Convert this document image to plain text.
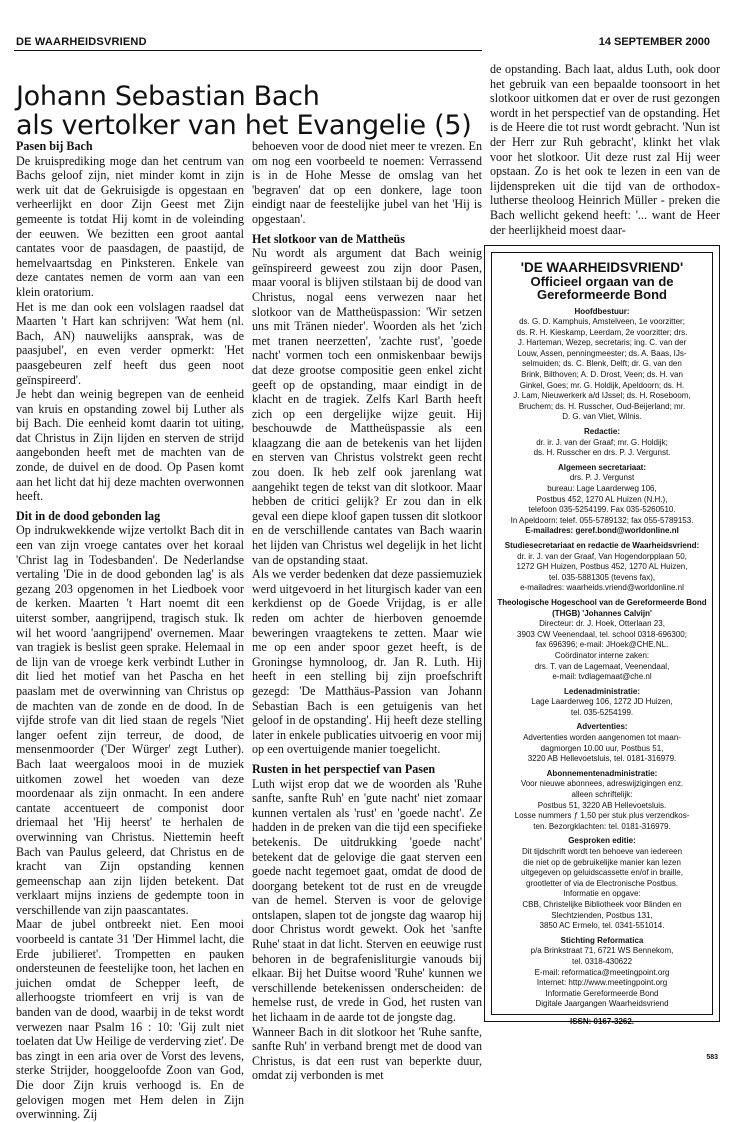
DE WAARHEIDSVRIEND	14 SEPTEMBER 2000
Johann Sebastian Bach
als vertolker van het Evangelie (5)
Pasen bij Bach

De kruisprediking moge dan het centrum van Bachs geloof zijn, niet minder komt in zijn werk uit dat de Gekruisigde is opgestaan en verheerlijkt en door Zijn Geest met Zijn gemeente is totdat Hij komt in de voleinding der eeuwen. We bezitten een groot aantal cantates voor de paasdagen, de paastijd, de hemelvaartsdag en Pinksteren. Enkele van deze cantates nemen de vorm aan van een klein oratorium.

Het is me dan ook een volslagen raadsel dat Maarten 't Hart kan schrijven: 'Wat hem (nl. Bach, AN) nauwelijks aansprak, was de paasjubel', en even verder opmerkt: 'Het paasgebeuren zelf heeft dus geen noot geïnspireerd'.

Je hebt dan weinig begrepen van de eenheid van kruis en opstanding zowel bij Luther als bij Bach. Die eenheid komt daarin tot uiting, dat Christus in Zijn lijden en sterven de strijd aangebonden heeft met de machten van de zonde, de duivel en de dood. Op Pasen komt aan het licht dat hij deze machten overwonnen heeft.

Dit in de dood gebonden lag

Op indrukwekkende wijze vertolkt Bach dit in een van zijn vroege cantates over het koraal 'Christ lag in Todesbanden'. De Nederlandse vertaling 'Die in de dood gebonden lag' is als gezang 203 opgenomen in het Liedboek voor de kerken. Maarten 't Hart noemt dit een uiterst somber, aangrijpend, tragisch stuk. Ik wil het woord 'aangrijpend' overnemen. Maar van tragiek is beslist geen sprake. Helemaal in de lijn van de vroege kerk verbindt Luther in dit lied het motief van het Pascha en het paaslam met de overwinning van Christus op de machten van de zonde en de dood. In de vijfde strofe van dit lied staan de regels 'Niet langer oefent zijn terreur, de dood, de mensenmoorder ('Der Würger' zegt Luther). Bach laat weergaloos mooi in de muziek uitkomen zowel het woeden van deze moordenaar als zijn onmacht. In een andere cantate accentueert de componist door driemaal het 'Hij heerst' te herhalen de overwinning van Christus. Niettemin heeft Bach van Paulus geleerd, dat Christus en de kracht van Zijn opstanding kennen gemeenschap aan zijn lijden betekent. Dat verklaart mijns inziens de gedempte toon in verschillende van zijn paascantates.

Maar de jubel ontbreekt niet. Een mooi voorbeeld is cantate 31 'Der Himmel lacht, die Erde jubilieret'. Trompetten en pauken ondersteunen de feestelijke toon, het lachen en juichen omdat de Schepper leeft, de allerhoogste triomfeert en vrij is van de banden van de dood, waarbij in de tekst wordt verwezen naar Psalm 16 : 10: 'Gij zult niet toelaten dat Uw Heilige de verderving ziet'. De bas zingt in een aria over de Vorst des levens, sterke Strijder, hooggeloofde Zoon van God, Die door Zijn kruis verhoogd is. En de gelovigen mogen met Hem delen in Zijn overwinning. Zij

behoeven voor de dood niet meer te vrezen. En om nog een voorbeeld te noemen: Verrassend is in de Hohe Messe de omslag van het 'begraven' dat op een donkere, lage toon eindigt naar de feestelijke jubel van het 'Hij is opgestaan'.

Het slotkoor van de Mattheüs

Nu wordt als argument dat Bach weinig geïnspireerd geweest zou zijn door Pasen, maar vooral is blijven stilstaan bij de dood van Christus, nogal eens verwezen naar het slotkoor van de Mattheüspassion: 'Wir setzen uns mit Tränen nieder'. Woorden als het 'zich met tranen neerzetten', 'zachte rust', 'goede nacht' vormen toch een onmiskenbaar bewijs dat deze grootse compositie geen enkel zicht geeft op de opstanding, maar eindigt in de klacht en de tragiek. Zelfs Karl Barth heeft zich op een dergelijke wijze geuit. Hij beschouwde de Mattheüspassie als een klaagzang die aan de betekenis van het lijden en sterven van Christus volstrekt geen recht zou doen. Ik heb zelf ook jarenlang wat aangehikt tegen de tekst van dit slotkoor. Maar hebben de critici gelijk? Er zou dan in elk geval een diepe kloof gapen tussen dit slotkoor en de verschillende cantates van Bach waarin het lijden van Christus wel degelijk in het licht van de opstanding staat.

Als we verder bedenken dat deze passiemuziek werd uitgevoerd in het liturgisch kader van een kerkdienst op de Goede Vrijdag, is er alle reden om achter de hierboven genoemde beweringen vraagtekens te zetten. Maar wie me op een ander spoor gezet heeft, is de Groningse hymnoloog, dr. Jan R. Luth. Hij heeft in een stelling bij zijn proefschrift gezegd: 'De Matthäus-Passion van Johann Sebastian Bach is een getuigenis van het geloof in de opstanding'. Hij heeft deze stelling later in enkele publicaties uitvoerig en voor mij op een overtuigende manier toegelicht.

Rusten in het perspectief van Pasen

Luth wijst erop dat we de woorden als 'Ruhe sanfte, sanfte Ruh' en 'gute nacht' niet zomaar kunnen vertalen als 'rust' en 'goede nacht'. Ze hadden in de preken van die tijd een specifieke betekenis. De uitdrukking 'goede nacht' betekent dat de gelovige die gaat sterven een goede nacht tegemoet gaat, omdat de dood de doorgang betekent tot de rust en de vreugde van de hemel. Sterven is voor de gelovige ontslapen, slapen tot de jongste dag waarop hij door Christus wordt gewekt. Ook het 'sanfte Ruhe' staat in dat licht. Sterven en eeuwige rust behoren in de begrafenisliturgie vanouds bij elkaar. Bij het Duitse woord 'Ruhe' kunnen we verschillende betekenissen onderscheiden: de hemelse rust, de vrede in God, het rusten van het lichaam in de aarde tot de jongste dag.

Wanneer Bach in dit slotkoor het 'Ruhe sanfte, sanfte Ruh' in verband brengt met de dood van Christus, is dat een rust van beperkte duur, omdat zij verbonden is met

de opstanding. Bach laat, aldus Luth, ook door het gebruik van een bepaalde toonsoort in het slotkoor uitkomen dat er over de rust gezongen wordt in het perspectief van de opstanding. Het is de Heere die tot rust wordt gebracht. 'Nun ist der Herr zur Ruh gebracht', klinkt het vlak voor het slotkoor. Uit deze rust zal Hij weer opstaan. Zo is het ook te lezen in een van de lijdenspreken uit die tijd van de orthodox-lutherse theoloog Heinrich Müller - preken die Bach wellicht gekend heeft: '... want de Heer der heerlijkheid moest daar-

'DE WAARHEIDSVRIEND'
Officieel orgaan van de
Gereformeerde Bond
Hoofdbestuur:
ds. G. D. Kamphuis, Amstelveen, 1e voorzitter;
ds. R. H. Kieskamp, Leerdam, 2e voorzitter; drs.
J. Harteman, Wezep, secretaris; ing. C. van der
Louw, Assen, penningmeester; ds. A. Baas, IJs-
selmuiden; ds. C. Blenk, Delft; dr. G. van den
Brink, Bilthoven; A. D. Drost, Veen; ds. H. van
Ginkel, Goes; mr. G. Holdijk, Apeldoorn; ds. H.
J. Lam, Nieuwerkerk a/d IJssel; ds. H. Roseboom,
Bruchem; ds. H. Russcher, Oud-Beijerland; mr.
D. G. van Vliet, Wilnis.
Redactie:
dr. ir. J. van der Graaf; mr. G. Holdijk;
ds. H. Russcher en drs. P. J. Vergunst.
Algemeen secretariaat:
drs. P. J. Vergunst
bureau: Lage Laarderweg 106,
Postbus 452, 1270 AL Huizen (N.H.),
telefoon 035-5254199. Fax 035-5260510.
In Apeldoorn: telef. 055-5789132; fax 055-5789153.
E-mailadres: geref.bond@worldonline.nl
Studiesecretariaat en redactie de Waarheidsvriend:
dr. ir. J. van der Graaf, Van Hogendorpplaan 50,
1272 GH Huizen, Postbus 452, 1270 AL Huizen,
tel. 035-5881305 (tevens fax),
e-mailadres: waarheids.vriend@worldonline.nl
Theologische Hogeschool van de Gereformeerde Bond (THGB) 'Johannes Calvijn'
Directeur: dr. J. Hoek, Otterlaan 23,
3903 CW Veenendaal, tel. school 0318-696300;
fax 696396; e-mail: JHoek@CHE.NL.
Coördinator interne zaken:
drs. T. van de Lagemaat, Veenendaal,
e-mail: tvdlagemaat@che.nl
Ledenadministratie:
Lage Laarderweg 106, 1272 JD Huizen,
tel. 035-5254199.
Advertenties:
Advertenties worden aangenomen tot maan-
dagmorgen 10.00 uur, Postbus 51,
3220 AB Hellevoetsluis, tel. 0181-316979.
Abonnementenadministratie:
Voor nieuwe abonnees, adreswijzigingen enz.
alleen schriftelijk:
Postbus 51, 3220 AB Hellevoetsluis.
Losse nummers ƒ 1,50 per stuk plus verzendkos-
ten. Bezorgklachten: tel. 0181-316979.
Gesproken editie:
Dit tijdschrift wordt ten behoeve van iedereen
die niet op de gebruikelijke manier kan lezen
uitgegeven op geluidscassette en/of in braille,
grootletter of via de Electronische Postbus.
Informatie en opgave:
CBB, Christelijke Bibliotheek voor Blinden en
Slechtzienden, Postbus 131,
3850 AC Ermelo, tel. 0341-551014.
Stichting Reformatica
p/a Brinkstraat 71, 6721 WS Bennekom,
tel. 0318-430622
E-mail: reformatica@meetingpoint.org
Internet: http://www.meetingpoint.org
Informatie Gereformeerde Bond
Digitale Jaargangen Waarheidsvriend
ISSN: 0167-3262.
583
